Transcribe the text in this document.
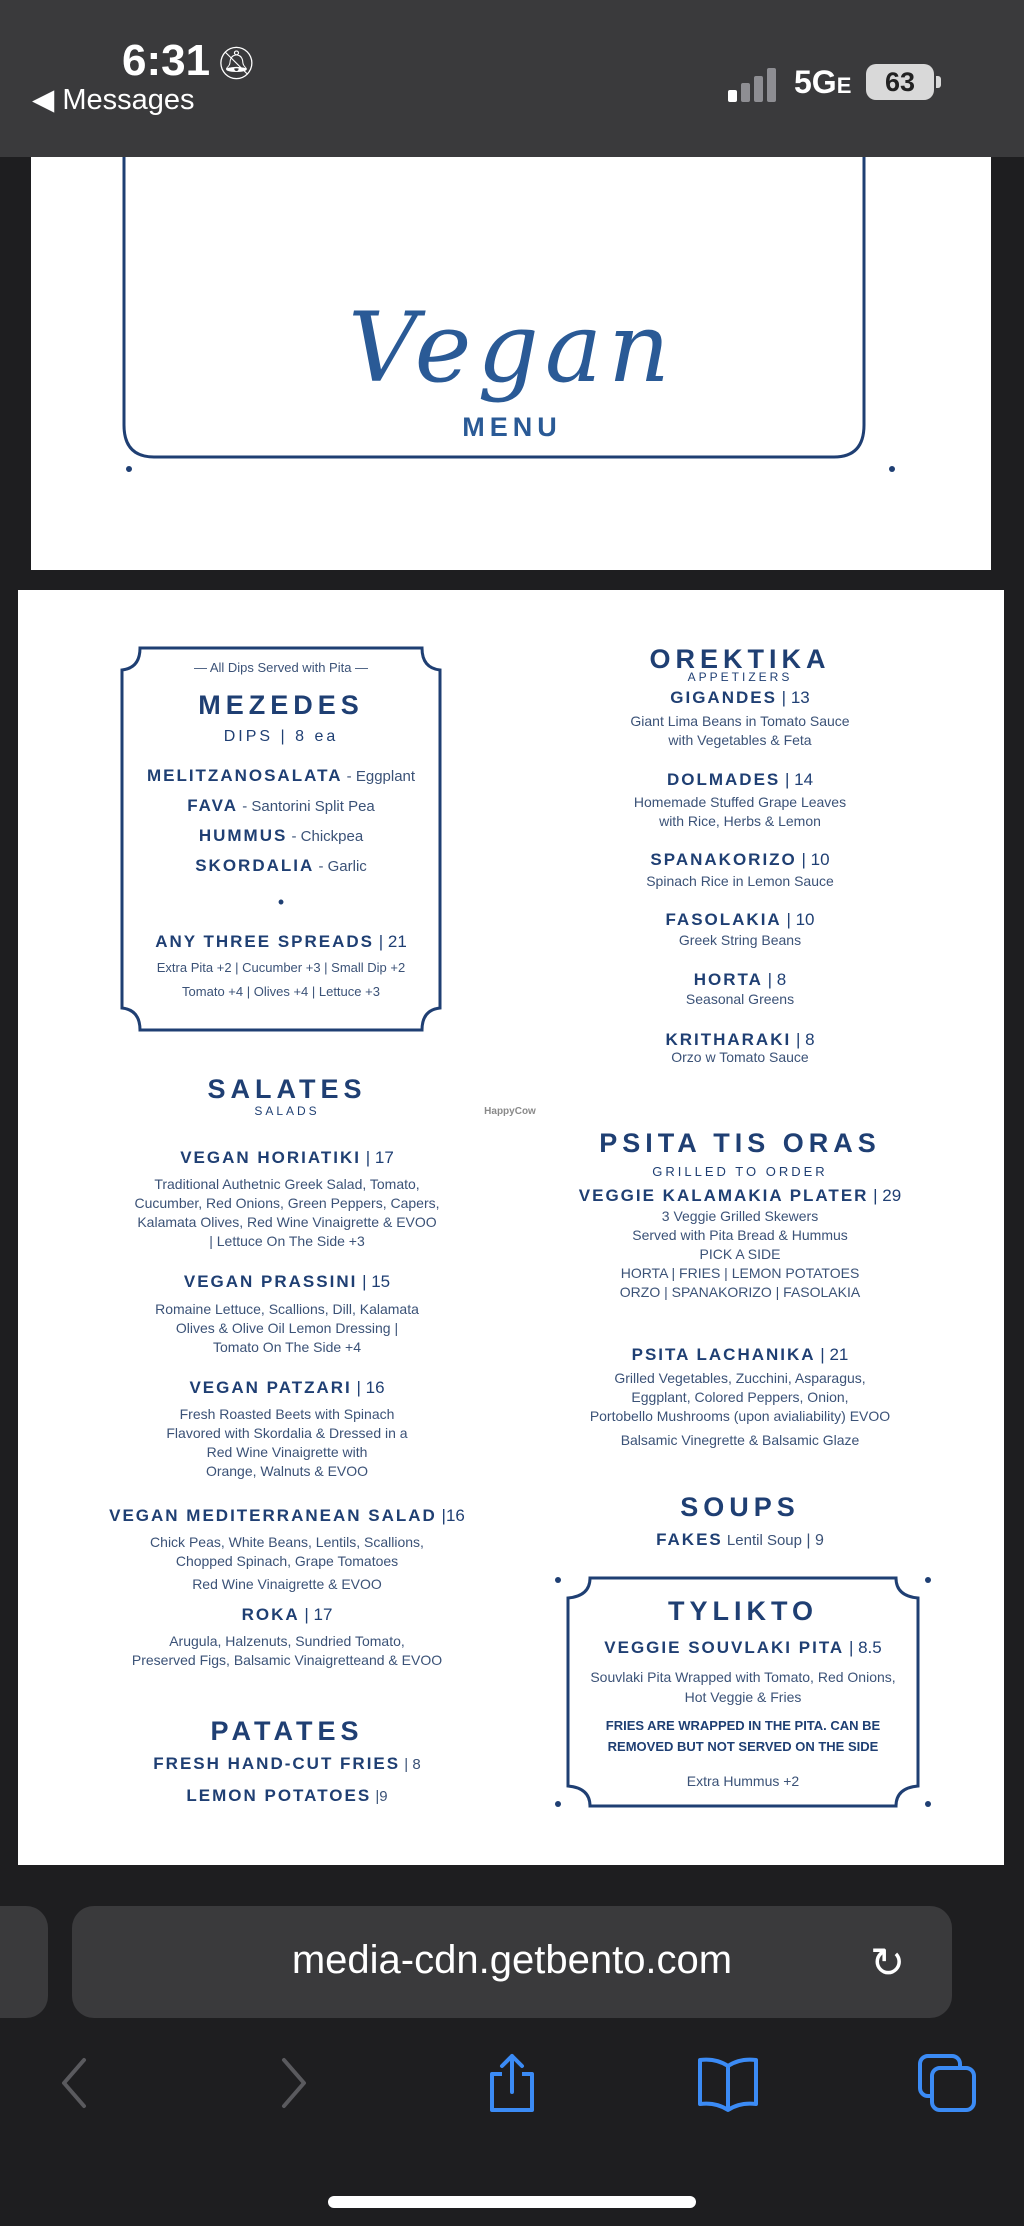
6:31 🔕︎
◀ Messages	5GE	63
Vegan
MENU
— All Dips Served with Pita —
MEZEDES
DIPS | 8 ea
MELITZANOSALATA - Eggplant
FAVA - Santorini Split Pea
HUMMUS - Chickpea
SKORDALIA - Garlic
•
ANY THREE SPREADS | 21
Extra Pita +2 | Cucumber +3 | Small Dip +2
Tomato +4 | Olives +4 | Lettuce +3
OREKTIKA
APPETIZERS
GIGANDES | 13
Giant Lima Beans in Tomato Sauce
with Vegetables & Feta
DOLMADES | 14
Homemade Stuffed Grape Leaves
with Rice, Herbs & Lemon
SPANAKORIZO | 10
Spinach Rice in Lemon Sauce
FASOLAKIA | 10
Greek String Beans
HORTA | 8
Seasonal Greens
KRITHARAKI | 8
Orzo w Tomato Sauce
HappyCow
SALATES
SALADS
VEGAN HORIATIKI | 17
Traditional Authetnic Greek Salad, Tomato,
Cucumber, Red Onions, Green Peppers, Capers,
Kalamata Olives, Red Wine Vinaigrette & EVOO
| Lettuce On The Side +3
VEGAN PRASSINI | 15
Romaine Lettuce, Scallions, Dill, Kalamata
Olives & Olive Oil Lemon Dressing |
Tomato On The Side +4
VEGAN PATZARI | 16
Fresh Roasted Beets with Spinach
Flavored with Skordalia & Dressed in a
Red Wine Vinaigrette with
Orange, Walnuts & EVOO
VEGAN MEDITERRANEAN SALAD |16
Chick Peas, White Beans, Lentils, Scallions,
Chopped Spinach, Grape Tomatoes
Red Wine Vinaigrette & EVOO
ROKA | 17
Arugula, Halzenuts, Sundried Tomato,
Preserved Figs, Balsamic Vinaigretteand & EVOO
PSITA TIS ORAS
GRILLED TO ORDER
VEGGIE KALAMAKIA PLATER | 29
3 Veggie Grilled Skewers
Served with Pita Bread & Hummus
PICK A SIDE
HORTA | FRIES | LEMON POTATOES
ORZO | SPANAKORIZO | FASOLAKIA
PSITA LACHANIKA | 21
Grilled Vegetables, Zucchini, Asparagus,
Eggplant, Colored Peppers, Onion,
Portobello Mushrooms (upon avialiability) EVOO
Balsamic Vinegrette & Balsamic Glaze
SOUPS
FAKES Lentil Soup | 9
TYLIKTO
VEGGIE SOUVLAKI PITA | 8.5
Souvlaki Pita Wrapped with Tomato, Red Onions,
Hot Veggie & Fries
FRIES ARE WRAPPED IN THE PITA. CAN BE
REMOVED BUT NOT SERVED ON THE SIDE
Extra Hummus +2
PATATES
FRESH HAND-CUT FRIES | 8
LEMON POTATOES |9
media-cdn.getbento.com	↻
